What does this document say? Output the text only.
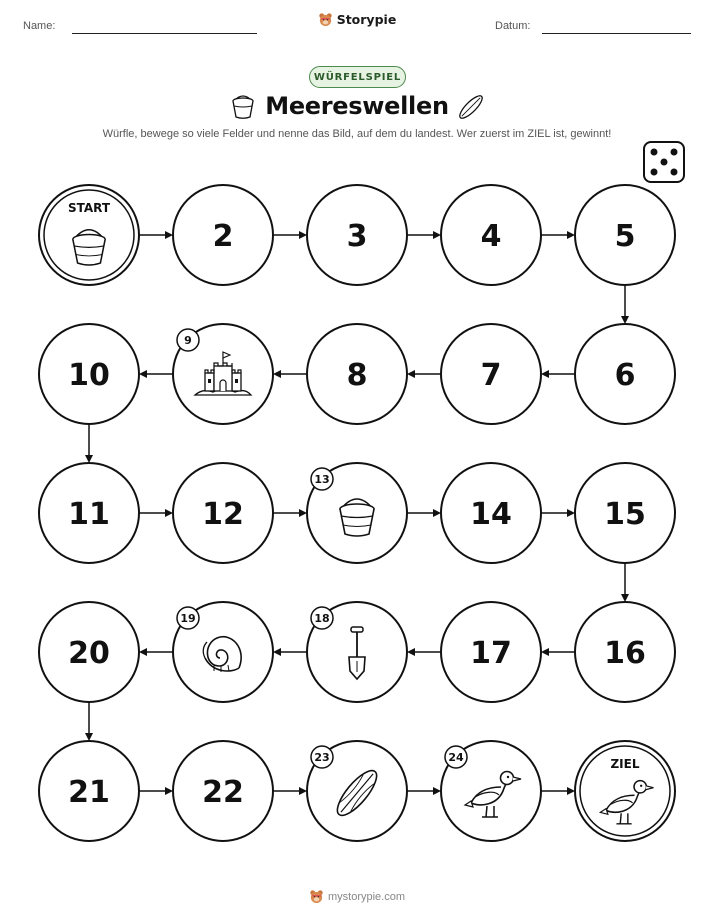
Name:	Storypie	Datum:
WÜRFELSPIEL
Meereswellen
Würfle, bewege so viele Felder und nenne das Bild, auf dem du landest. Wer zuerst im ZIEL ist, gewinnt!
START
2	3	4	5
6
7
8
9
10
11	12
13
14	15
16
17
18
19
20
21	22
23	24	ZIEL
mystorypie.com
